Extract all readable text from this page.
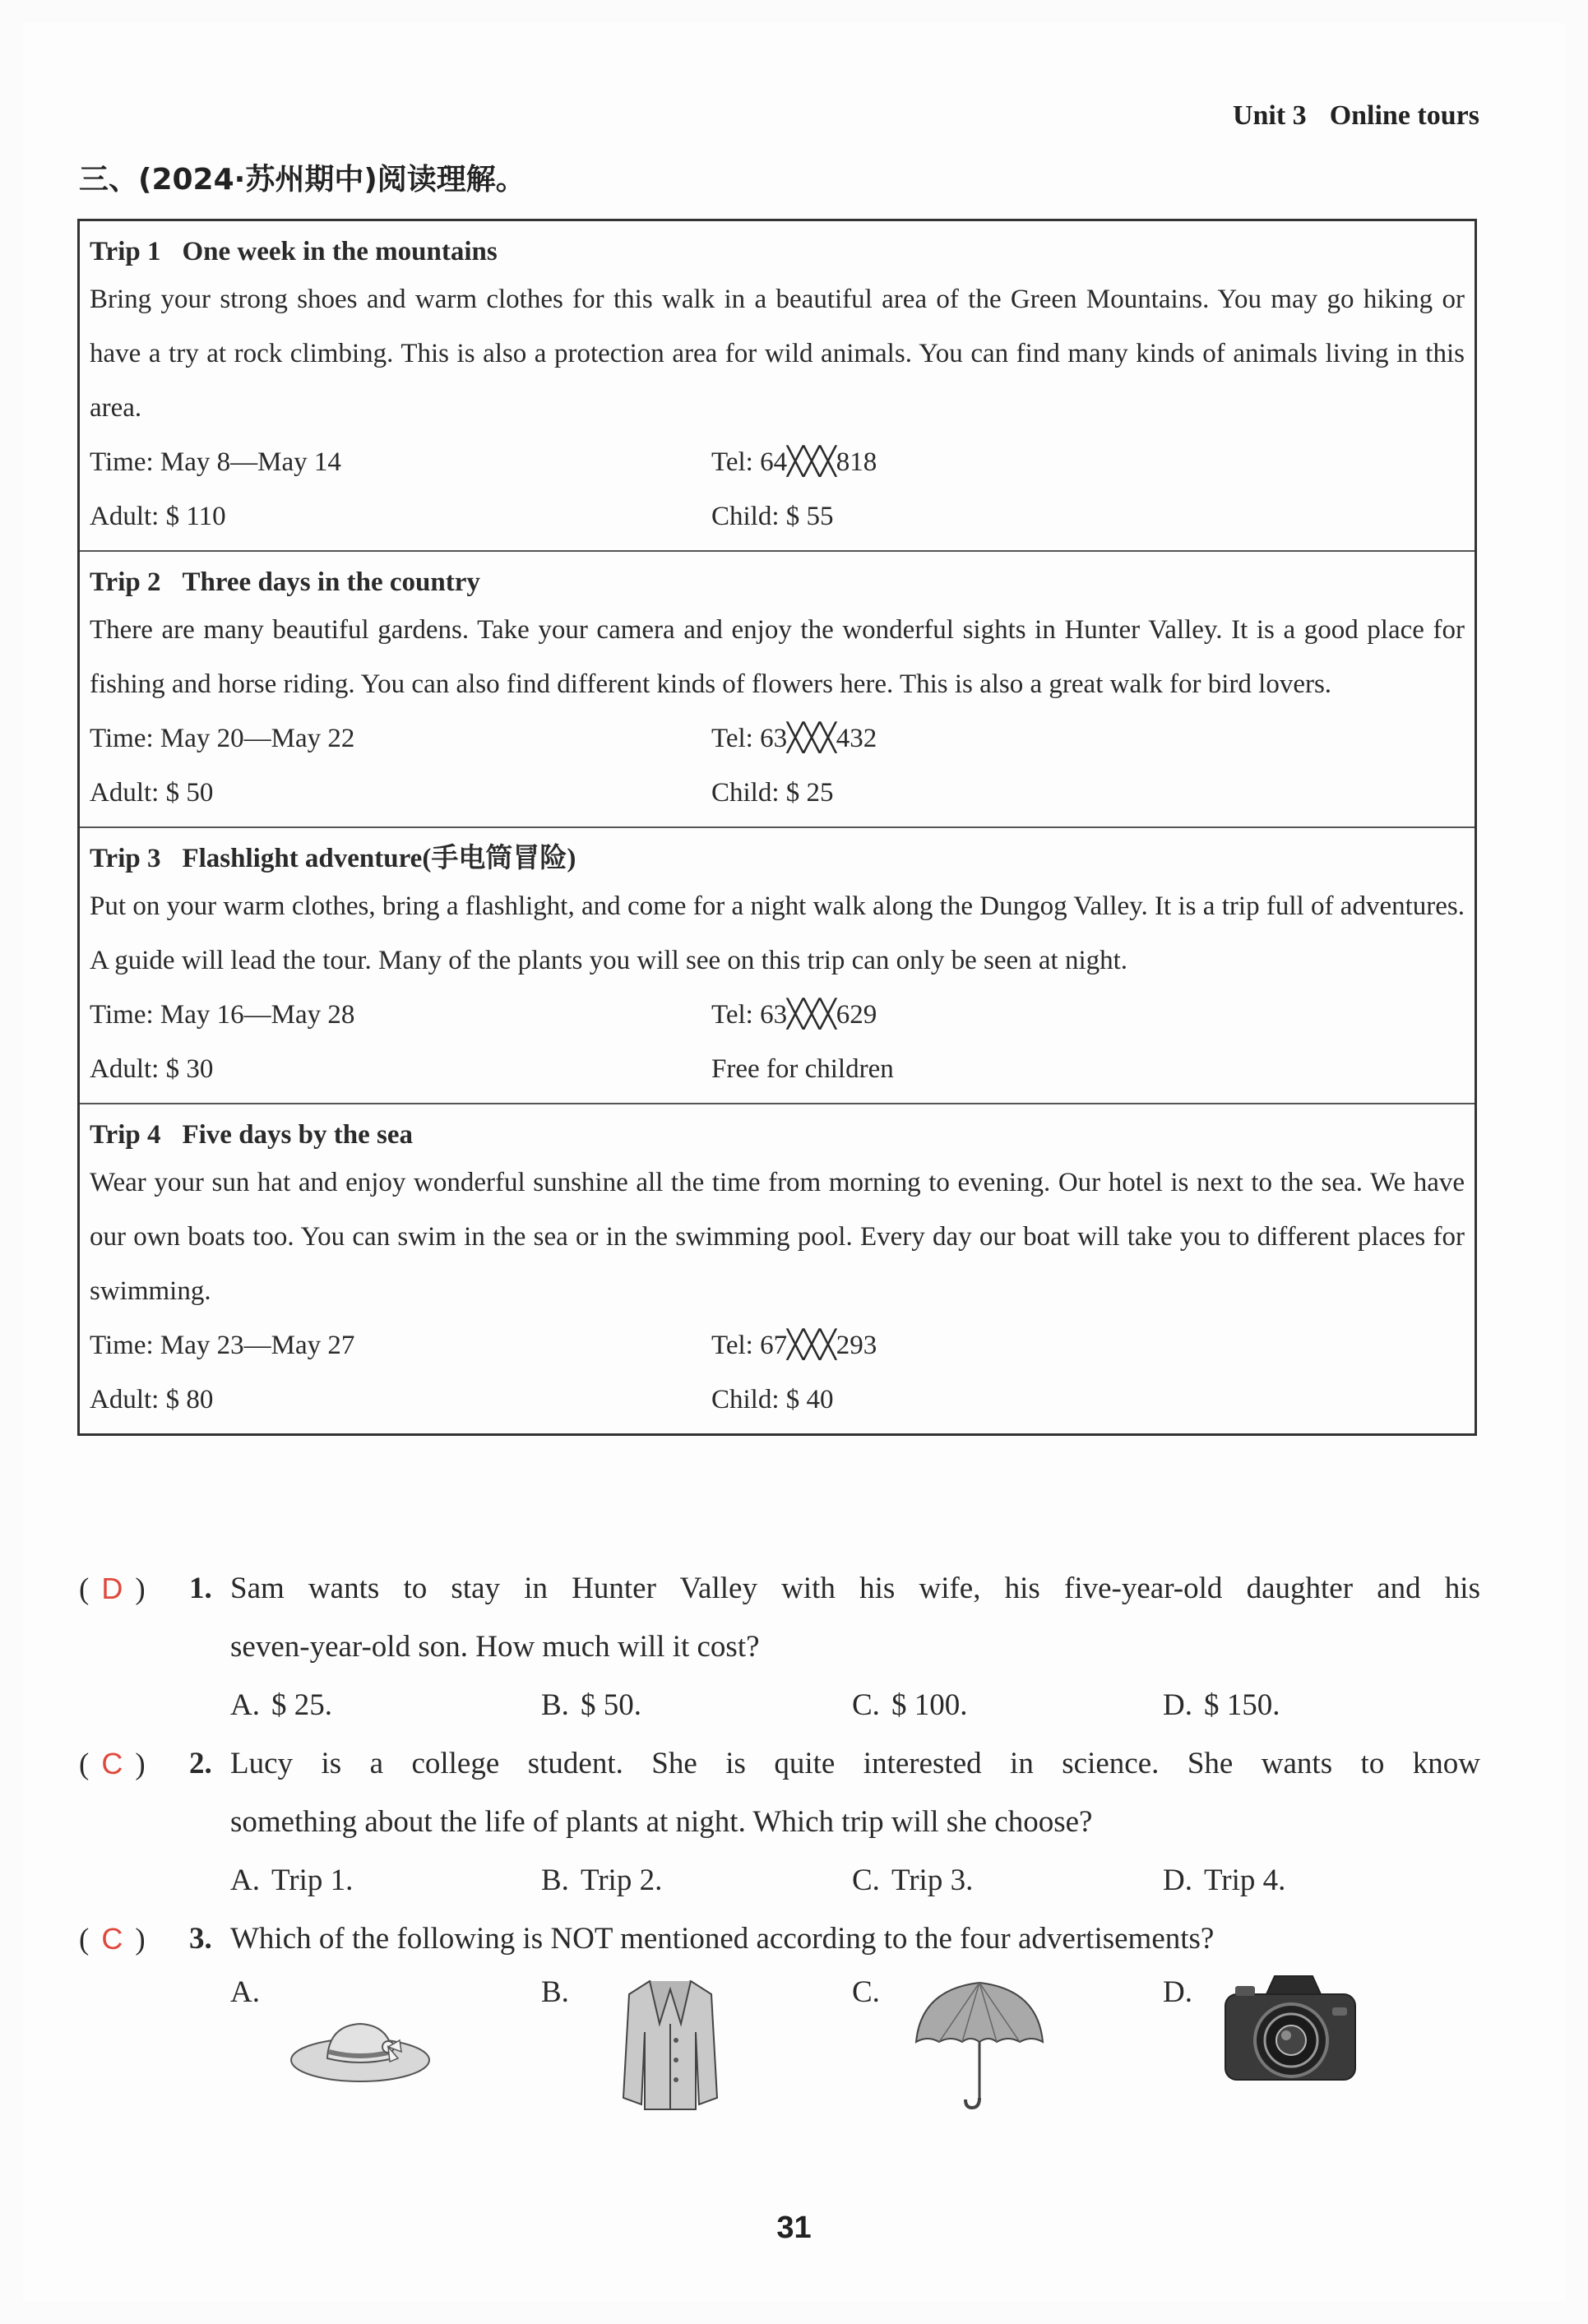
Unit 3 Online tours
三、(2024·苏州期中)阅读理解。
Trip 1 One week in the mountains
Bring your strong shoes and warm clothes for this walk in a beautiful area of the Green Mountains. You may go hiking or have a try at rock climbing. This is also a protection area for wild animals. You can find many kinds of animals living in this area.
Time: May 8—May 14	Tel: 64╳╳╳818
Adult: $ 110	Child: $ 55
Trip 2 Three days in the country
There are many beautiful gardens. Take your camera and enjoy the wonderful sights in Hunter Valley. It is a good place for fishing and horse riding. You can also find different kinds of flowers here. This is also a great walk for bird lovers.
Time: May 20—May 22	Tel: 63╳╳╳432
Adult: $ 50	Child: $ 25
Trip 3 Flashlight adventure(手电筒冒险)
Put on your warm clothes, bring a flashlight, and come for a night walk along the Dungog Valley. It is a trip full of adventures. A guide will lead the tour. Many of the plants you will see on this trip can only be seen at night.
Time: May 16—May 28	Tel: 63╳╳╳629
Adult: $ 30	Free for children
Trip 4 Five days by the sea
Wear your sun hat and enjoy wonderful sunshine all the time from morning to evening. Our hotel is next to the sea. We have our own boats too. You can swim in the sea or in the swimming pool. Every day our boat will take you to different places for swimming.
Time: May 23—May 27	Tel: 67╳╳╳293
Adult: $ 80	Child: $ 40
( D ) 1. Sam wants to stay in Hunter Valley with his wife, his five-year-old daughter and his
seven-year-old son. How much will it cost?
A. $ 25.	B. $ 50.	C. $ 100.	D. $ 150.
( C ) 2. Lucy is a college student. She is quite interested in science. She wants to know
something about the life of plants at night. Which trip will she choose?
A. Trip 1.	B. Trip 2.	C. Trip 3.	D. Trip 4.
( C ) 3. Which of the following is NOT mentioned according to the four advertisements?
A.	B.	C.	D.
31
